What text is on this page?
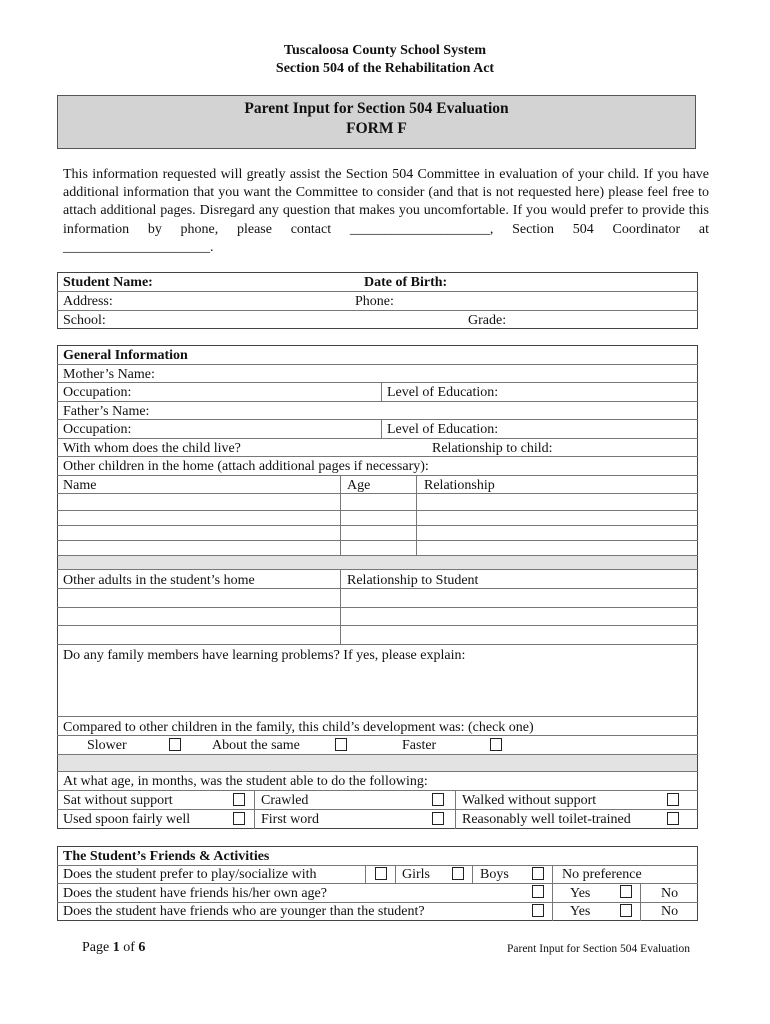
Tuscaloosa County School System
Section 504 of the Rehabilitation Act
Parent Input for Section 504 Evaluation
FORM F
This information requested will greatly assist the Section 504 Committee in evaluation of your child. If you have additional information that you want the Committee to consider (and that is not requested here) please feel free to attach additional pages. Disregard any question that makes you uncomfortable. If you would prefer to provide this information by phone, please contact ____________________, Section 504 Coordinator at _____________________.
Student Name:	Date of Birth:
Address:	Phone:
School:	Grade:
General Information
Mother’s Name:
Occupation:	Level of Education:
Father’s Name:
Occupation:	Level of Education:
With whom does the child live?	Relationship to child:
Other children in the home (attach additional pages if necessary):
Name	Age	Relationship
Other adults in the student’s home	Relationship to Student
Do any family members have learning problems? If yes, please explain:
Compared to other children in the family, this child’s development was: (check one)
Slower	About the same	Faster
At what age, in months, was the student able to do the following:
Sat without support	Crawled	Walked without support
Used spoon fairly well	First word	Reasonably well toilet-trained
The Student’s Friends & Activities
Does the student prefer to play/socialize with	Girls	Boys	No preference
Does the student have friends his/her own age?	Yes	No
Does the student have friends who are younger than the student?	Yes	No
Page 1 of 6	Parent Input for Section 504 Evaluation
